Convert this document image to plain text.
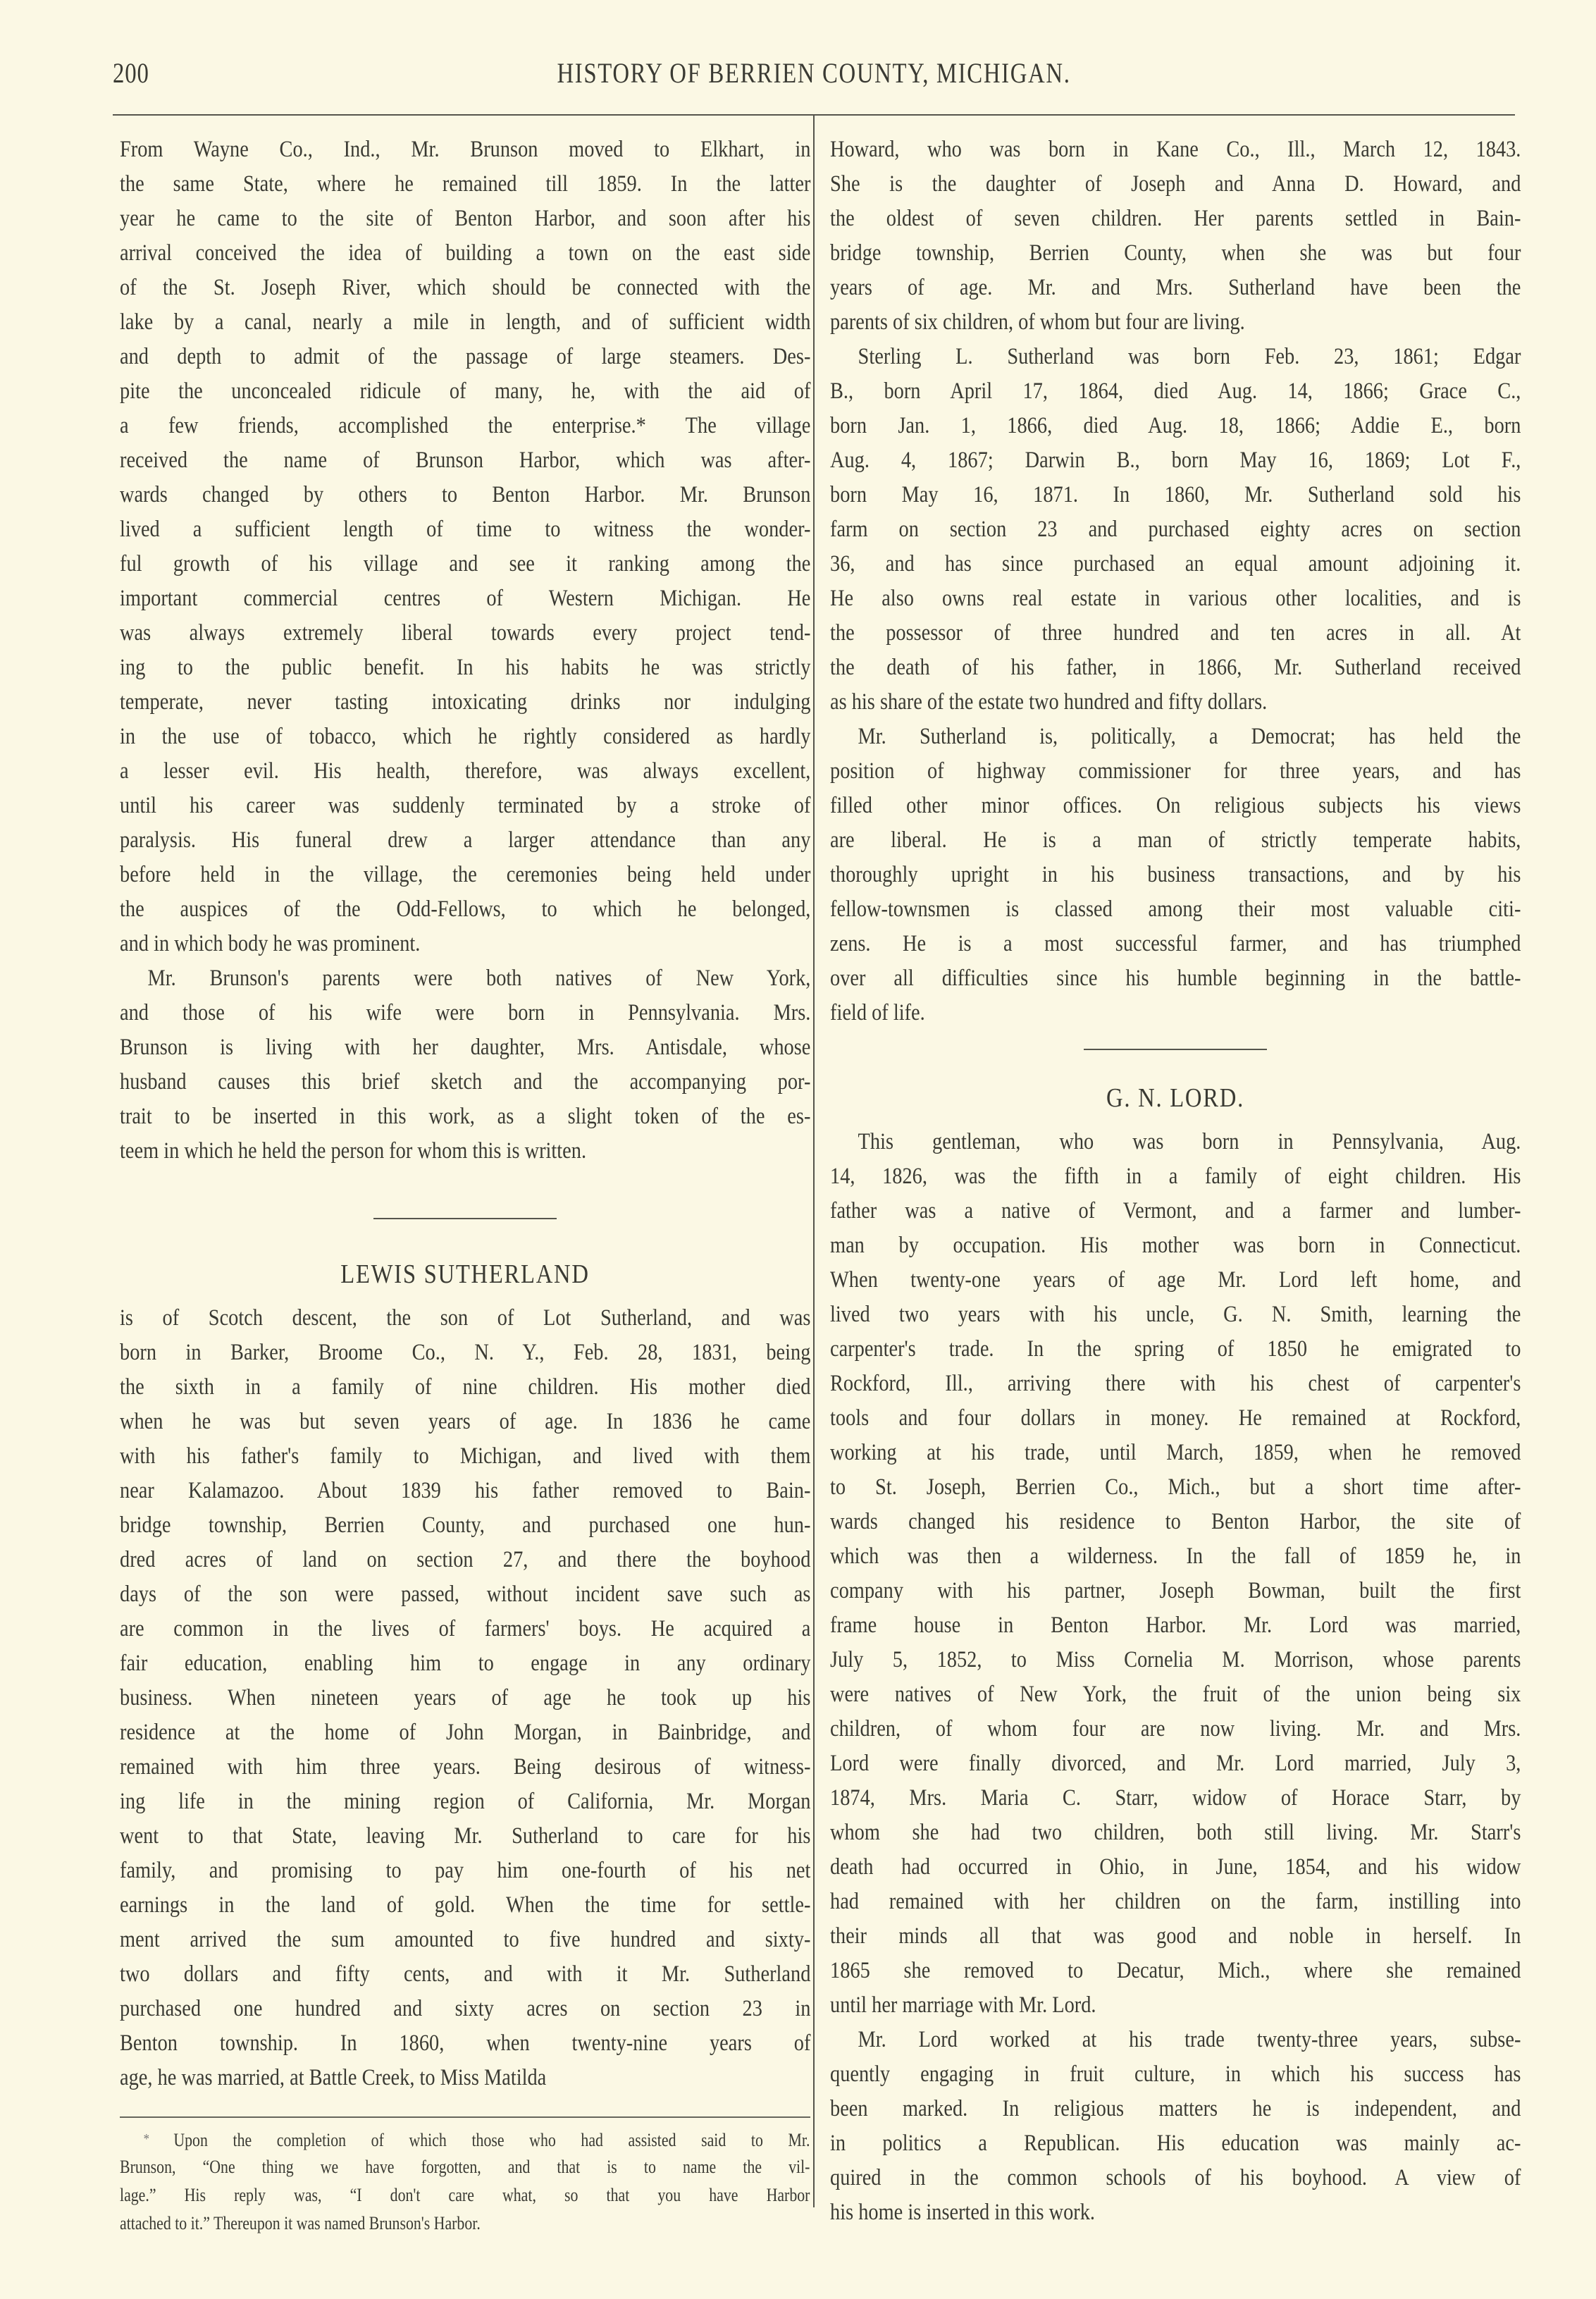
200	HISTORY OF BERRIEN COUNTY, MICHIGAN.
From Wayne Co., Ind., Mr. Brunson moved to Elkhart, in
the same State, where he remained till 1859. In the latter
year he came to the site of Benton Harbor, and soon after his
arrival conceived the idea of building a town on the east side
of the St. Joseph River, which should be connected with the
lake by a canal, nearly a mile in length, and of sufficient width
and depth to admit of the passage of large steamers. Des-
pite the unconcealed ridicule of many, he, with the aid of
a few friends, accomplished the enterprise.* The village
received the name of Brunson Harbor, which was after-
wards changed by others to Benton Harbor. Mr. Brunson
lived a sufficient length of time to witness the wonder-
ful growth of his village and see it ranking among the
important commercial centres of Western Michigan. He
was always extremely liberal towards every project tend-
ing to the public benefit. In his habits he was strictly
temperate, never tasting intoxicating drinks nor indulging
in the use of tobacco, which he rightly considered as hardly
a lesser evil. His health, therefore, was always excellent,
until his career was suddenly terminated by a stroke of
paralysis. His funeral drew a larger attendance than any
before held in the village, the ceremonies being held under
the auspices of the Odd-Fellows, to which he belonged,
and in which body he was prominent.
Mr. Brunson's parents were both natives of New York,
and those of his wife were born in Pennsylvania. Mrs.
Brunson is living with her daughter, Mrs. Antisdale, whose
husband causes this brief sketch and the accompanying por-
trait to be inserted in this work, as a slight token of the es-
teem in which he held the person for whom this is written.
LEWIS SUTHERLAND
is of Scotch descent, the son of Lot Sutherland, and was
born in Barker, Broome Co., N. Y., Feb. 28, 1831, being
the sixth in a family of nine children. His mother died
when he was but seven years of age. In 1836 he came
with his father's family to Michigan, and lived with them
near Kalamazoo. About 1839 his father removed to Bain-
bridge township, Berrien County, and purchased one hun-
dred acres of land on section 27, and there the boyhood
days of the son were passed, without incident save such as
are common in the lives of farmers' boys. He acquired a
fair education, enabling him to engage in any ordinary
business. When nineteen years of age he took up his
residence at the home of John Morgan, in Bainbridge, and
remained with him three years. Being desirous of witness-
ing life in the mining region of California, Mr. Morgan
went to that State, leaving Mr. Sutherland to care for his
family, and promising to pay him one-fourth of his net
earnings in the land of gold. When the time for settle-
ment arrived the sum amounted to five hundred and sixty-
two dollars and fifty cents, and with it Mr. Sutherland
purchased one hundred and sixty acres on section 23 in
Benton township. In 1860, when twenty-nine years of
age, he was married, at Battle Creek, to Miss Matilda
* Upon the completion of which those who had assisted said to Mr.
Brunson, “One thing we have forgotten, and that is to name the vil-
lage.” His reply was, “I don't care what, so that you have Harbor
attached to it.” Thereupon it was named Brunson's Harbor.
Howard, who was born in Kane Co., Ill., March 12, 1843.
She is the daughter of Joseph and Anna D. Howard, and
the oldest of seven children. Her parents settled in Bain-
bridge township, Berrien County, when she was but four
years of age. Mr. and Mrs. Sutherland have been the
parents of six children, of whom but four are living.
Sterling L. Sutherland was born Feb. 23, 1861; Edgar
B., born April 17, 1864, died Aug. 14, 1866; Grace C.,
born Jan. 1, 1866, died Aug. 18, 1866; Addie E., born
Aug. 4, 1867; Darwin B., born May 16, 1869; Lot F.,
born May 16, 1871. In 1860, Mr. Sutherland sold his
farm on section 23 and purchased eighty acres on section
36, and has since purchased an equal amount adjoining it.
He also owns real estate in various other localities, and is
the possessor of three hundred and ten acres in all. At
the death of his father, in 1866, Mr. Sutherland received
as his share of the estate two hundred and fifty dollars.
Mr. Sutherland is, politically, a Democrat; has held the
position of highway commissioner for three years, and has
filled other minor offices. On religious subjects his views
are liberal. He is a man of strictly temperate habits,
thoroughly upright in his business transactions, and by his
fellow-townsmen is classed among their most valuable citi-
zens. He is a most successful farmer, and has triumphed
over all difficulties since his humble beginning in the battle-
field of life.
G. N. LORD.
This gentleman, who was born in Pennsylvania, Aug.
14, 1826, was the fifth in a family of eight children. His
father was a native of Vermont, and a farmer and lumber-
man by occupation. His mother was born in Connecticut.
When twenty-one years of age Mr. Lord left home, and
lived two years with his uncle, G. N. Smith, learning the
carpenter's trade. In the spring of 1850 he emigrated to
Rockford, Ill., arriving there with his chest of carpenter's
tools and four dollars in money. He remained at Rockford,
working at his trade, until March, 1859, when he removed
to St. Joseph, Berrien Co., Mich., but a short time after-
wards changed his residence to Benton Harbor, the site of
which was then a wilderness. In the fall of 1859 he, in
company with his partner, Joseph Bowman, built the first
frame house in Benton Harbor. Mr. Lord was married,
July 5, 1852, to Miss Cornelia M. Morrison, whose parents
were natives of New York, the fruit of the union being six
children, of whom four are now living. Mr. and Mrs.
Lord were finally divorced, and Mr. Lord married, July 3,
1874, Mrs. Maria C. Starr, widow of Horace Starr, by
whom she had two children, both still living. Mr. Starr's
death had occurred in Ohio, in June, 1854, and his widow
had remained with her children on the farm, instilling into
their minds all that was good and noble in herself. In
1865 she removed to Decatur, Mich., where she remained
until her marriage with Mr. Lord.
Mr. Lord worked at his trade twenty-three years, subse-
quently engaging in fruit culture, in which his success has
been marked. In religious matters he is independent, and
in politics a Republican. His education was mainly ac-
quired in the common schools of his boyhood. A view of
his home is inserted in this work.
